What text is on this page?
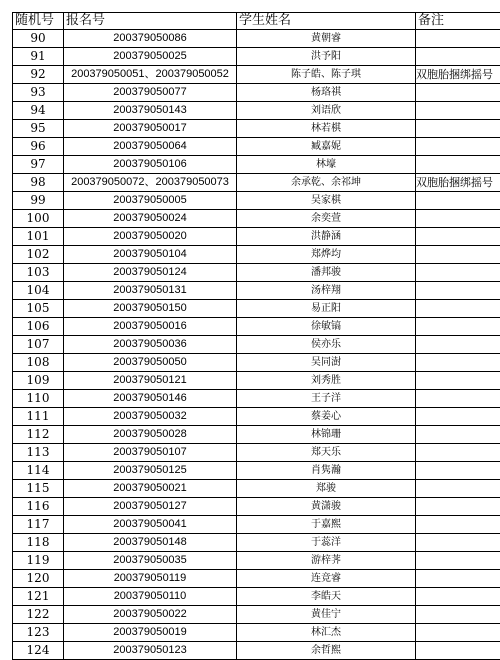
随机号	报名号	学生姓名	备注
90	200379050086	黄朝睿	
91	200379050025	洪予阳	
92	200379050051、200379050052	陈子皓、陈子琪	双胞胎捆绑摇号
93	200379050077	杨珞祺	
94	200379050143	刘语欣	
95	200379050017	林若棋	
96	200379050064	臧嘉妮	
97	200379050106	林壕	
98	200379050072、200379050073	余承乾、余祁坤	双胞胎捆绑摇号
99	200379050005	吴家棋	
100	200379050024	余奕萱	
101	200379050020	洪静涵	
102	200379050104	郑烨均	
103	200379050124	潘邦骏	
104	200379050131	汤梓翔	
105	200379050150	易正阳	
106	200379050016	徐敏镐	
107	200379050036	侯亦乐	
108	200379050050	吴同澍	
109	200379050121	刘秀胜	
110	200379050146	王子洋	
111	200379050032	蔡姜心	
112	200379050028	林锦珊	
113	200379050107	郑天乐	
114	200379050125	肖隽瀚	
115	200379050021	郑骏	
116	200379050127	黄潇骏	
117	200379050041	于嘉熙	
118	200379050148	于蕊洋	
119	200379050035	游梓荠	
120	200379050119	连竞睿	
121	200379050110	李皓天	
122	200379050022	黄佳宁	
123	200379050019	林汇杰	
124	200379050123	余哲熙	
